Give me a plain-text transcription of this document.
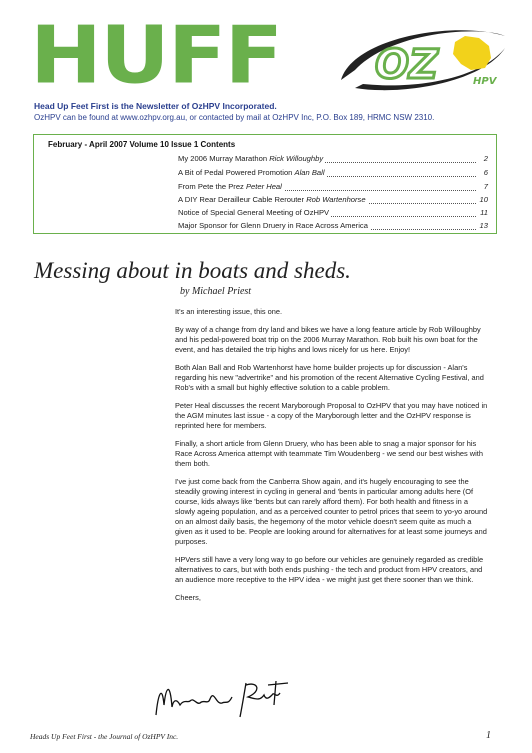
HUFF OZ	HPV
Head Up Feet First is the Newsletter of OzHPV Incorporated.
OzHPV can be found at www.ozhpv.org.au, or contacted by mail at OzHPV Inc, P.O. Box 189, HRMC NSW 2310.
February - April 2007 Volume 10 Issue 1 Contents
My 2006 Murray Marathon Rick Willoughby	2
A Bit of Pedal Powered Promotion Alan Ball	6
From Pete the Prez Peter Heal	7
A DIY Rear Derailleur Cable Rerouter Rob Wartenhorse	10
Notice of Special General Meeting of OzHPV	11
Major Sponsor for Glenn Druery in Race Across America	13
Messing about in boats and sheds.
by Michael Priest

It's an interesting issue, this one.

By way of a change from dry land and bikes we have a long feature article by Rob Willoughby and his pedal-powered boat trip on the 2006 Murray Marathon. Rob built his own boat for the event, and has detailed the trip highs and lows nicely for us here. Enjoy!

Both Alan Ball and Rob Wartenhorst have home builder projects up for discussion - Alan's regarding his new "advertrike" and his promotion of the recent Alternative Cycling Festival, and Rob's with a small but highly effective solution to a cable problem.

Peter Heal discusses the recent Maryborough Proposal to OzHPV that you may have noticed in the AGM minutes last issue - a copy of the Maryborough letter and the OzHPV response is reprinted here for members.

Finally, a short article from Glenn Druery, who has been able to snag a major sponsor for his Race Across America attempt with teammate Tim Woudenberg - we send our best wishes with them both.

I've just come back from the Canberra Show again, and it's hugely encouraging to see the steadily growing interest in cycling in general and 'bents in particular among adults here (Of course, kids always like 'bents but can rarely afford them). For both health and fitness in a slowly ageing population, and as a perceived counter to petrol prices that seem to yo-yo around on an almost daily basis, the hegemony of the motor vehicle doesn't seem quite as much a given as it used to be. People are looking around for alternatives for at least some journeys and purposes.

HPVers still have a very long way to go before our vehicles are genuinely regarded as credible alternatives to cars, but with both ends pushing - the tech and product from HPV creators, and an audience more receptive to the HPV idea - we might just get there sooner than we think.

Cheers,

Heads Up Feet First - the Journal of OzHPV Inc.	1
